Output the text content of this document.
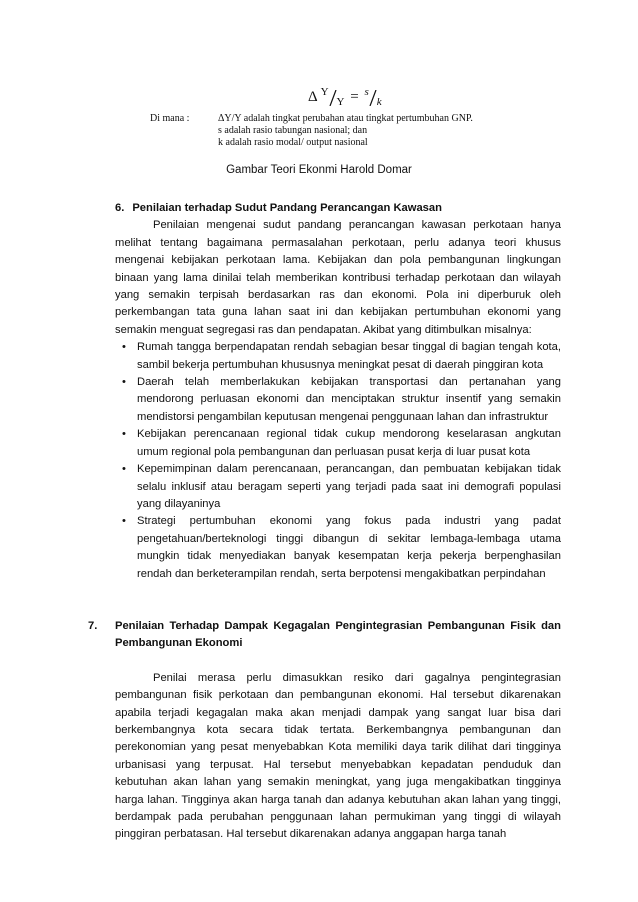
Δ $^Y_Y$ = $^s_k$
Di mana :	ΔY/Y adalah tingkat perubahan atau tingkat pertumbuhan GNP.
s adalah rasio tabungan nasional; dan
k adalah rasio modal/ output nasional
Gambar Teori Ekonmi Harold Domar
6. Penilaian terhadap Sudut Pandang Perancangan Kawasan
Penilaian mengenai sudut pandang perancangan kawasan perkotaan hanya melihat tentang bagaimana permasalahan perkotaan, perlu adanya teori khusus mengenai kebijakan perkotaan lama. Kebijakan dan pola pembangunan lingkungan binaan yang lama dinilai telah memberikan kontribusi terhadap perkotaan dan wilayah yang semakin terpisah berdasarkan ras dan ekonomi. Pola ini diperburuk oleh perkembangan tata guna lahan saat ini dan kebijakan pertumbuhan ekonomi yang semakin menguat segregasi ras dan pendapatan. Akibat yang ditimbulkan misalnya:
• Rumah tangga berpendapatan rendah sebagian besar tinggal di bagian tengah kota, sambil bekerja pertumbuhan khususnya meningkat pesat di daerah pinggiran kota
• Daerah telah memberlakukan kebijakan transportasi dan pertanahan yang mendorong perluasan ekonomi dan menciptakan struktur insentif yang semakin mendistorsi pengambilan keputusan mengenai penggunaan lahan dan infrastruktur
• Kebijakan perencanaan regional tidak cukup mendorong keselarasan angkutan umum regional pola pembangunan dan perluasan pusat kerja di luar pusat kota
• Kepemimpinan dalam perencanaan, perancangan, dan pembuatan kebijakan tidak selalu inklusif atau beragam seperti yang terjadi pada saat ini demografi populasi yang dilayaninya
• Strategi pertumbuhan ekonomi yang fokus pada industri yang padat pengetahuan/berteknologi tinggi dibangun di sekitar lembaga-lembaga utama mungkin tidak menyediakan banyak kesempatan kerja pekerja berpenghasilan rendah dan berketerampilan rendah, serta berpotensi mengakibatkan perpindahan
7. Penilaian Terhadap Dampak Kegagalan Pengintegrasian Pembangunan Fisik dan Pembangunan Ekonomi
Penilai merasa perlu dimasukkan resiko dari gagalnya pengintegrasian pembangunan fisik perkotaan dan pembangunan ekonomi. Hal tersebut dikarenakan apabila terjadi kegagalan maka akan menjadi dampak yang sangat luar bisa dari berkembangnya kota secara tidak tertata. Berkembangnya pembangunan dan perekonomian yang pesat menyebabkan Kota memiliki daya tarik dilihat dari tingginya urbanisasi yang terpusat. Hal tersebut menyebabkan kepadatan penduduk dan kebutuhan akan lahan yang semakin meningkat, yang juga mengakibatkan tingginya harga lahan. Tingginya akan harga tanah dan adanya kebutuhan akan lahan yang tinggi, berdampak pada perubahan penggunaan lahan permukiman yang tinggi di wilayah pinggiran perbatasan. Hal tersebut dikarenakan adanya anggapan harga tanah
